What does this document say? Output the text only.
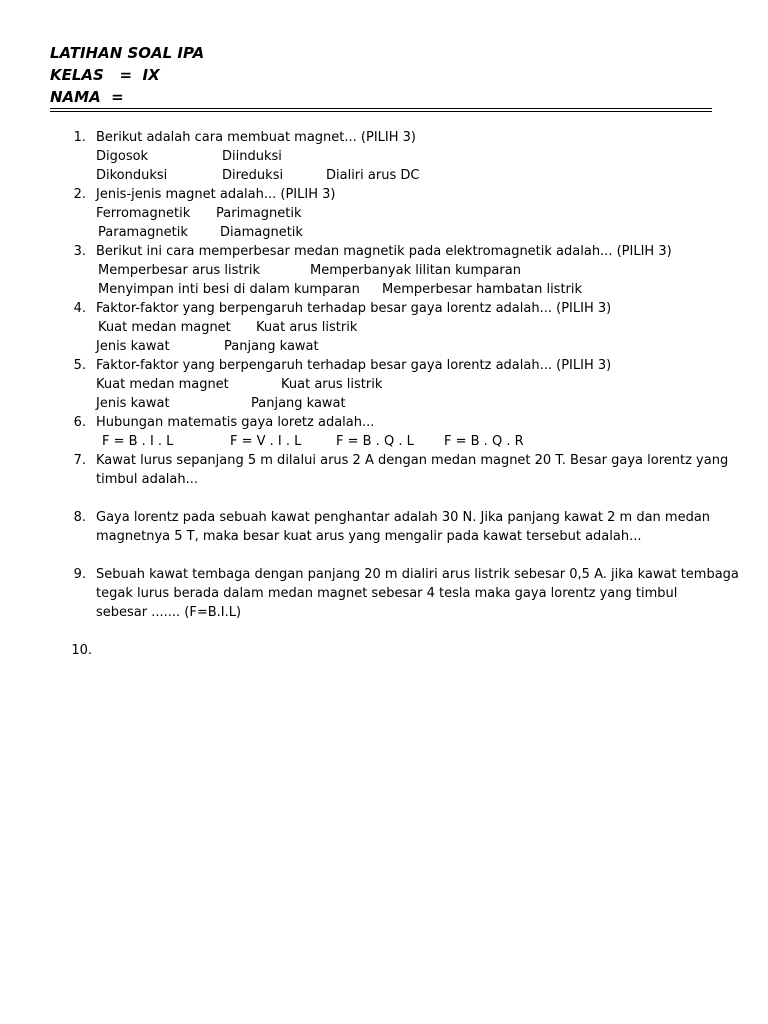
LATIHAN SOAL IPA
KELAS   =  IX
NAMA  =
1. Berikut adalah cara membuat magnet... (PILIH 3)
Digosok	Diinduksi
Dikonduksi	Direduksi	Dialiri arus DC
2. Jenis-jenis magnet adalah... (PILIH 3)
Ferromagnetik Parimagnetik
Paramagnetik Diamagnetik
3. Berikut ini cara memperbesar medan magnetik pada elektromagnetik adalah... (PILIH 3)
Memperbesar arus listrik	Memperbanyak lilitan kumparan
Menyimpan inti besi di dalam kumparan Memperbesar hambatan listrik
4. Faktor-faktor yang berpengaruh terhadap besar gaya lorentz adalah... (PILIH 3)
Kuat medan magnet Kuat arus listrik
Jenis kawat	Panjang kawat
5. Faktor-faktor yang berpengaruh terhadap besar gaya lorentz adalah... (PILIH 3)
Kuat medan magnet	Kuat arus listrik
Jenis kawat	Panjang kawat
6. Hubungan matematis gaya loretz adalah...
F = B . I . L	F = V . I . L	F = B . Q . L F = B . Q . R
7. Kawat lurus sepanjang 5 m dilalui arus 2 A dengan medan magnet 20 T. Besar gaya lorentz yang
timbul adalah...
8. Gaya lorentz pada sebuah kawat penghantar adalah 30 N. Jika panjang kawat 2 m dan medan
magnetnya 5 T, maka besar kuat arus yang mengalir pada kawat tersebut adalah...
9. Sebuah kawat tembaga dengan panjang 20 m dialiri arus listrik sebesar 0,5 A. jika kawat tembaga
tegak lurus berada dalam medan magnet sebesar 4 tesla maka gaya lorentz yang timbul
sebesar ....... (F=B.I.L)
10.
